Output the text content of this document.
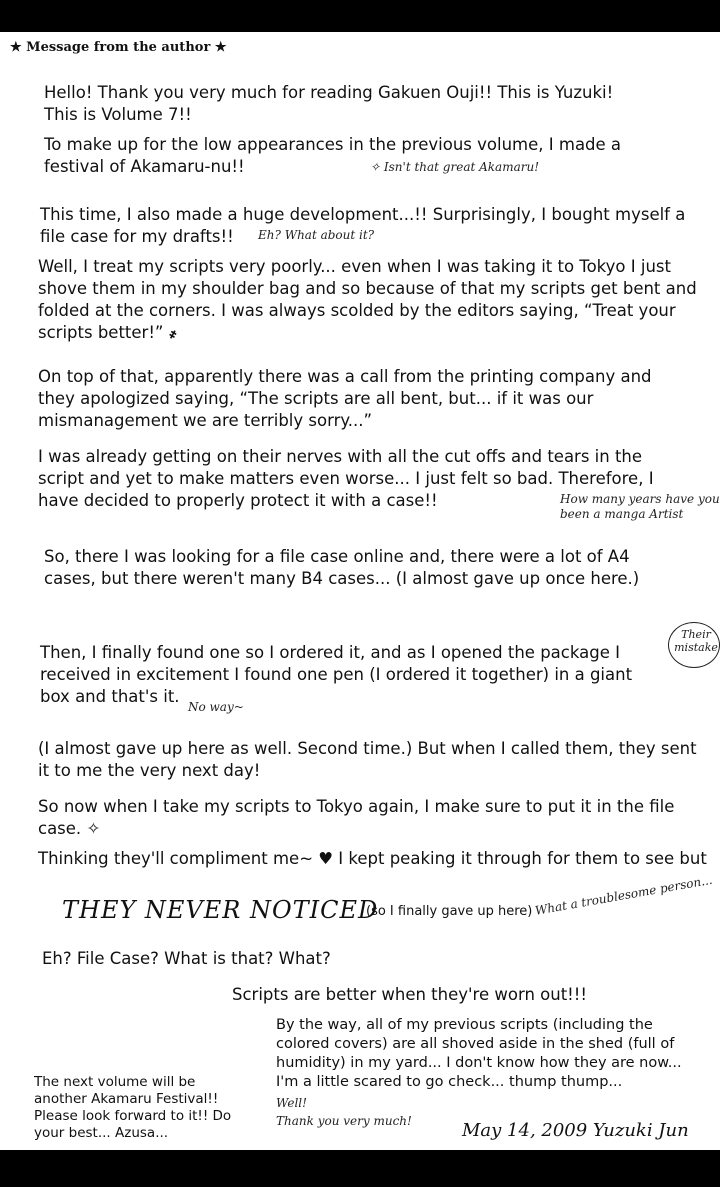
★ Message from the author ★

Hello! Thank you very much for reading Gakuen Ouji!! This is Yuzuki! This is Volume 7!!

To make up for the low appearances in the previous volume, I made a festival of Akamaru-nu!!	✧ Isn't that great Akamaru!

This time, I also made a huge development...!! Surprisingly, I bought myself a file case for my drafts!!	Eh? What about it?

Well, I treat my scripts very poorly... even when I was taking it to Tokyo I just shove them in my shoulder bag and so because of that my scripts get bent and folded at the corners. I was always scolded by the editors saying, “Treat your scripts better!” ҂

On top of that, apparently there was a call from the printing company and they apologized saying, “The scripts are all bent, but... if it was our mismanagement we are terribly sorry...”

I was already getting on their nerves with all the cut offs and tears in the script and yet to make matters even worse... I just felt so bad. Therefore, I have decided to properly protect it with a case!!	How many years have you been a manga Artist

So, there I was looking for a file case online and, there were a lot of A4 cases, but there weren't many B4 cases... (I almost gave up once here.)

Then, I finally found one so I ordered it, and as I opened the package I received in excitement I found one pen (I ordered it together) in a giant box and that's it.

Their mistake
No way~

(I almost gave up here as well. Second time.) But when I called them, they sent it to me the very next day!

So now when I take my scripts to Tokyo again, I make sure to put it in the file case. ✧

Thinking they'll compliment me~ ♥ I kept peaking it through for them to see but

THEY NEVER NOTICED
(so I finally gave up here) What a troublesome person...

Eh? File Case? What is that? What?

Scripts are better when they're worn out!!!

By the way, all of my previous scripts (including the colored covers) are all shoved aside in the shed (full of humidity) in my yard... I don't know how they are now... I'm a little scared to go check... thump thump...

The next volume will be another Akamaru Festival!! Please look forward to it!! Do your best... Azusa...

Well!
Thank you very much!	May 14, 2009 Yuzuki Jun
